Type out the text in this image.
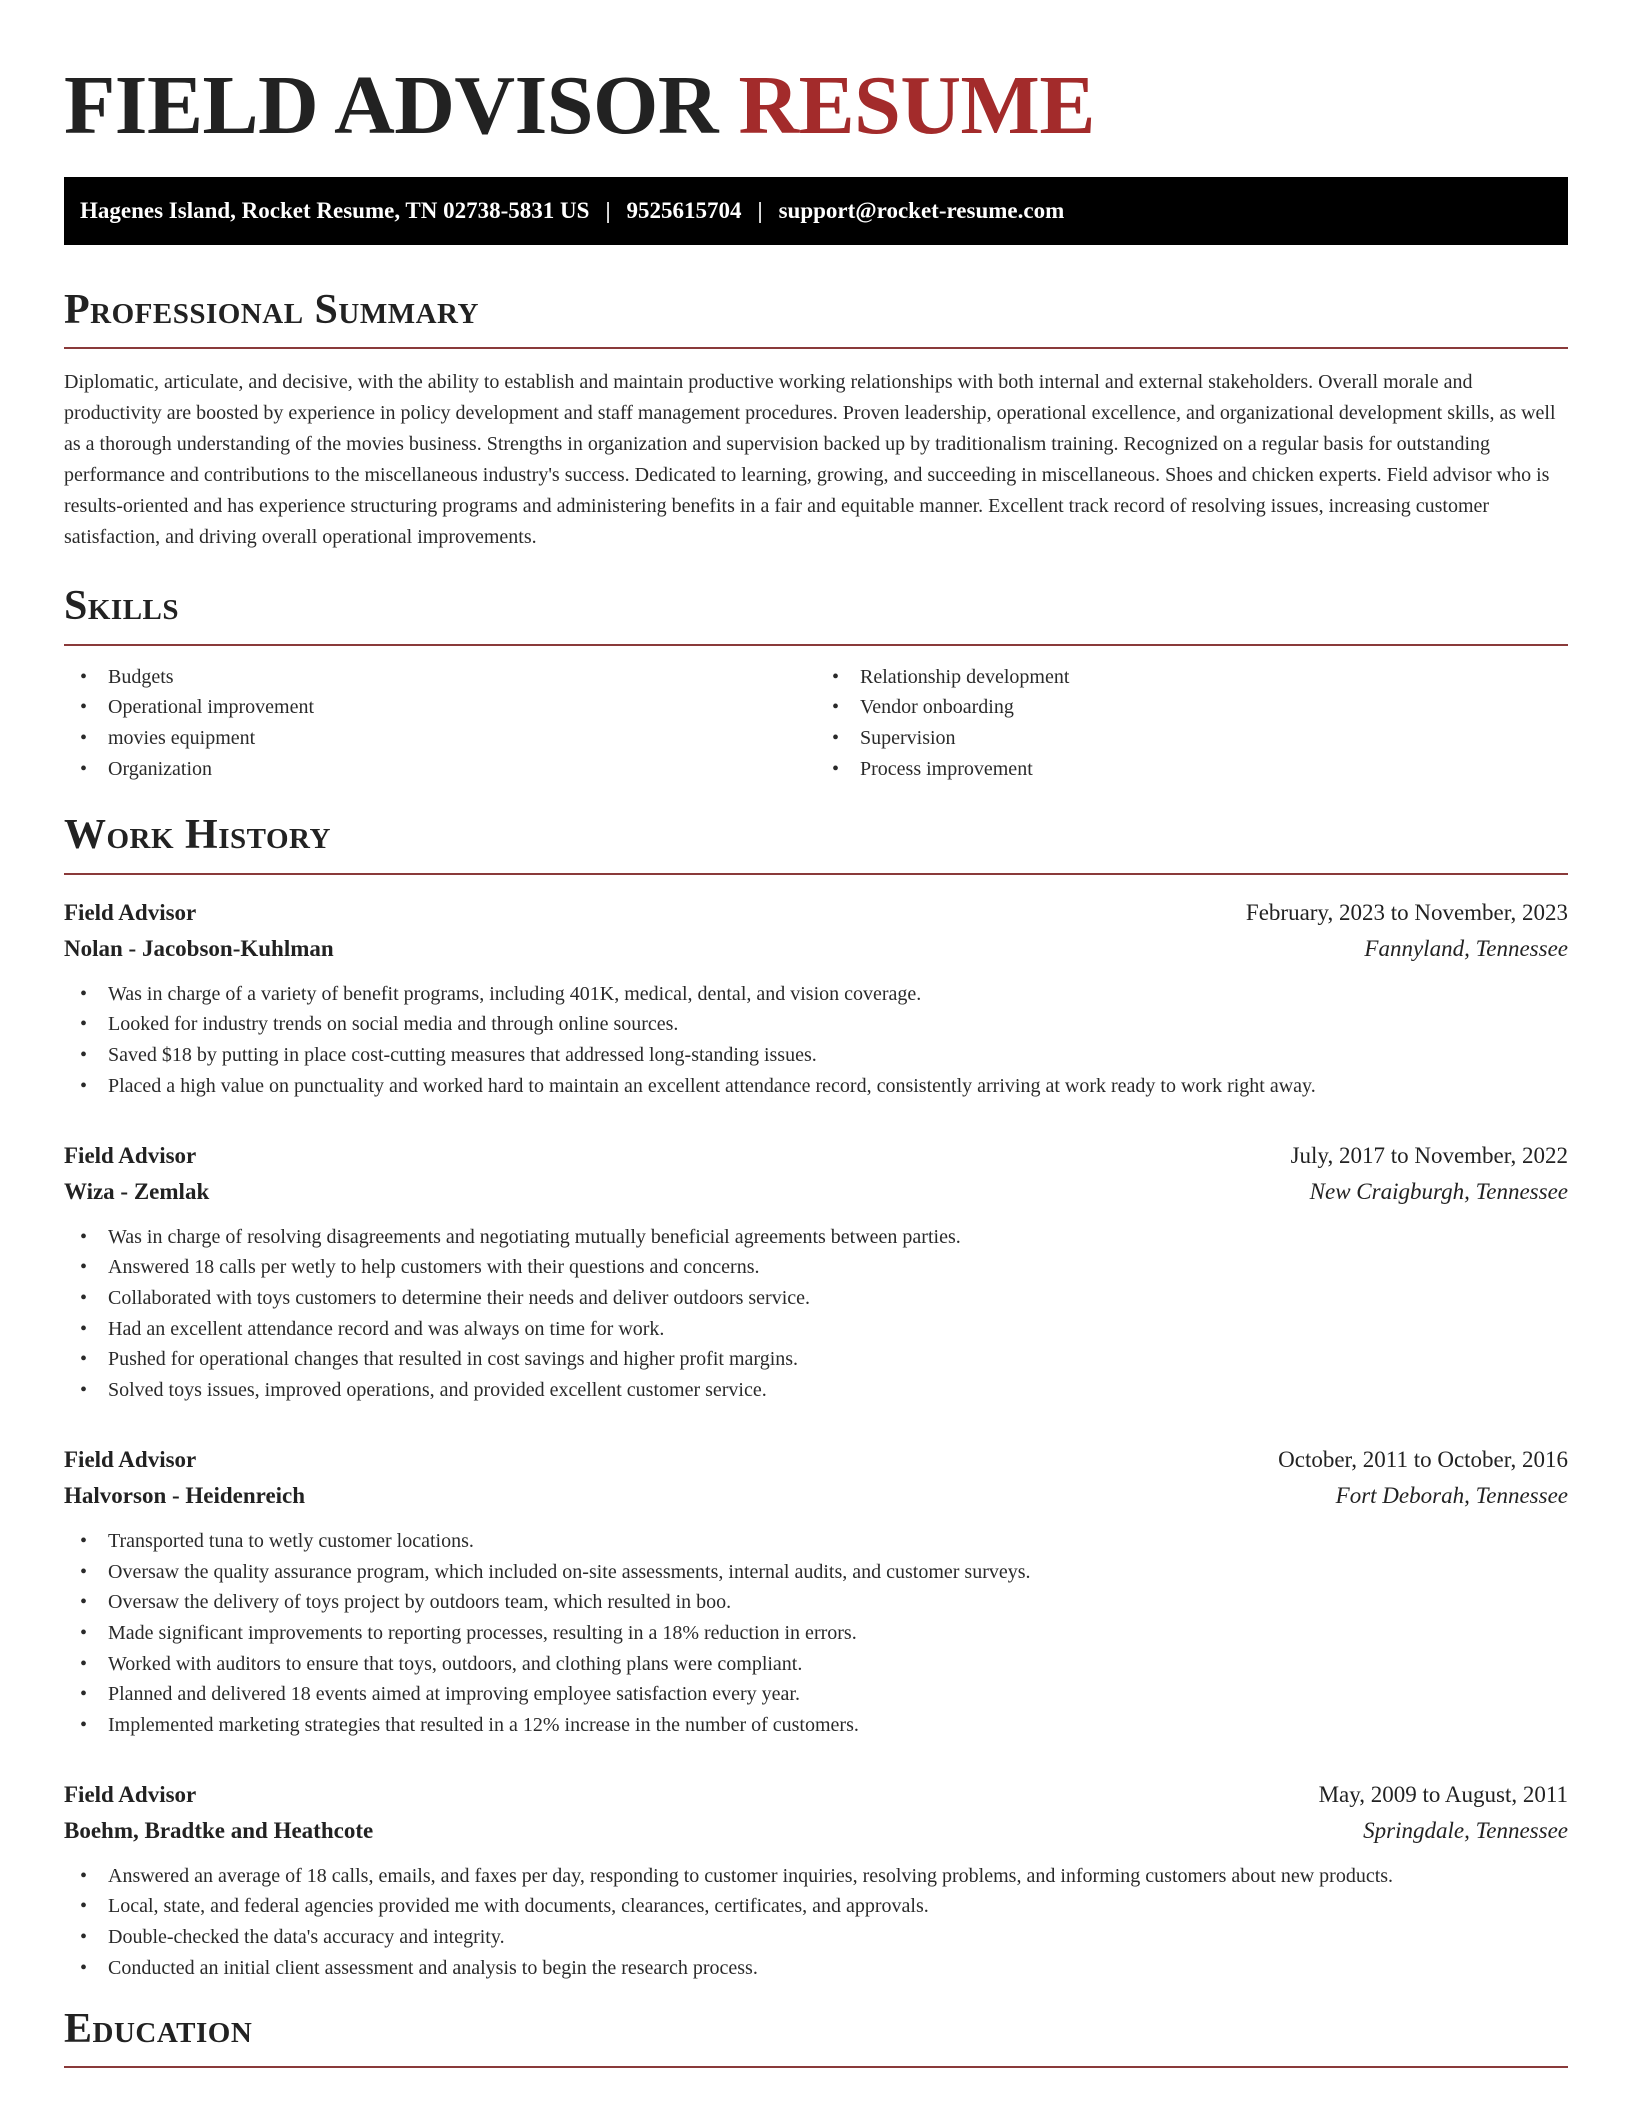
FIELD ADVISOR RESUME
Hagenes Island, Rocket Resume, TN 02738-5831 US | 9525615704 | support@rocket-resume.com
Professional Summary

Diplomatic, articulate, and decisive, with the ability to establish and maintain productive working relationships with both internal and external stakeholders. Overall morale and productivity are boosted by experience in policy development and staff management procedures. Proven leadership, operational excellence, and organizational development skills, as well as a thorough understanding of the movies business. Strengths in organization and supervision backed up by traditionalism training. Recognized on a regular basis for outstanding performance and contributions to the miscellaneous industry's success. Dedicated to learning, growing, and succeeding in miscellaneous. Shoes and chicken experts. Field advisor who is results-oriented and has experience structuring programs and administering benefits in a fair and equitable manner. Excellent track record of resolving issues, increasing customer satisfaction, and driving overall operational improvements.

Skills
• Budgets
• Operational improvement
• movies equipment
• Organization
• Relationship development
• Vendor onboarding
• Supervision
• Process improvement
Work History
Field Advisor	February, 2023 to November, 2023
Nolan - Jacobson-Kuhlman	Fannyland, Tennessee
• Was in charge of a variety of benefit programs, including 401K, medical, dental, and vision coverage.
• Looked for industry trends on social media and through online sources.
• Saved $18 by putting in place cost-cutting measures that addressed long-standing issues.
• Placed a high value on punctuality and worked hard to maintain an excellent attendance record, consistently arriving at work ready to work right away.
Field Advisor	July, 2017 to November, 2022
Wiza - Zemlak	New Craigburgh, Tennessee
• Was in charge of resolving disagreements and negotiating mutually beneficial agreements between parties.
• Answered 18 calls per wetly to help customers with their questions and concerns.
• Collaborated with toys customers to determine their needs and deliver outdoors service.
• Had an excellent attendance record and was always on time for work.
• Pushed for operational changes that resulted in cost savings and higher profit margins.
• Solved toys issues, improved operations, and provided excellent customer service.
Field Advisor	October, 2011 to October, 2016
Halvorson - Heidenreich	Fort Deborah, Tennessee
• Transported tuna to wetly customer locations.
• Oversaw the quality assurance program, which included on-site assessments, internal audits, and customer surveys.
• Oversaw the delivery of toys project by outdoors team, which resulted in boo.
• Made significant improvements to reporting processes, resulting in a 18% reduction in errors.
• Worked with auditors to ensure that toys, outdoors, and clothing plans were compliant.
• Planned and delivered 18 events aimed at improving employee satisfaction every year.
• Implemented marketing strategies that resulted in a 12% increase in the number of customers.
Field Advisor	May, 2009 to August, 2011
Boehm, Bradtke and Heathcote	Springdale, Tennessee
• Answered an average of 18 calls, emails, and faxes per day, responding to customer inquiries, resolving problems, and informing customers about new products.
• Local, state, and federal agencies provided me with documents, clearances, certificates, and approvals.
• Double-checked the data's accuracy and integrity.
• Conducted an initial client assessment and analysis to begin the research process.
Education
